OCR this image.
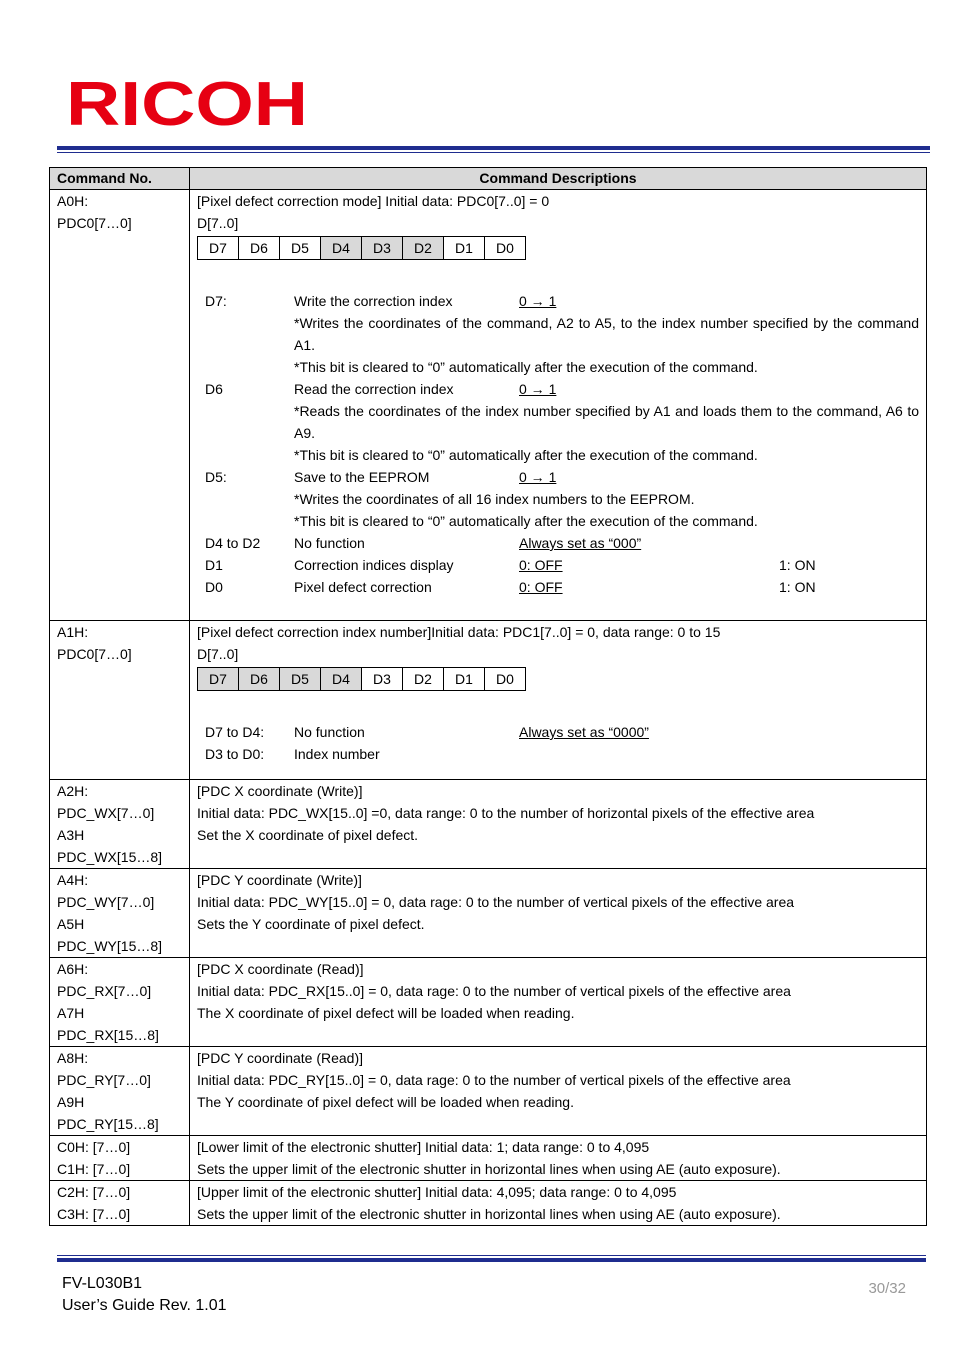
RICOH
Command No.	Command Descriptions

A0H:
PDC0[7…0]

[Pixel defect correction mode] Initial data: PDC0[7..0] = 0
D[7..0]
D7	D6	D5	D4	D3	D2	D1	D0
D7:	Write the correction index	0 → 1
*Writes the coordinates of the command, A2 to A5, to the index number specified by the command A1.
*This bit is cleared to “0” automatically after the execution of the command.
D6	Read the correction index	0 → 1
*Reads the coordinates of the index number specified by A1 and loads them to the command, A6 to A9.
*This bit is cleared to “0” automatically after the execution of the command.
D5:	Save to the EEPROM	0 → 1
*Writes the coordinates of all 16 index numbers to the EEPROM.
*This bit is cleared to “0” automatically after the execution of the command.
D4 to D2 No function	Always set as “000”
D1	Correction indices display	0: OFF	1: ON
D0	Pixel defect correction	0: OFF	1: ON

A1H:
PDC0[7…0]

[Pixel defect correction index number]Initial data: PDC1[7..0] = 0, data range: 0 to 15
D[7..0]
D7	D6	D5	D4	D3	D2	D1	D0
D7 to D4: No function	Always set as “0000”
D3 to D0: Index number

A2H:
PDC_WX[7…0]
A3H
PDC_WX[15…8]

[PDC X coordinate (Write)]
Initial data: PDC_WX[15..0] =0, data range: 0 to the number of horizontal pixels of the effective area
Set the X coordinate of pixel defect.

A4H:
PDC_WY[7…0]
A5H
PDC_WY[15…8]

[PDC Y coordinate (Write)]
Initial data: PDC_WY[15..0] = 0, data rage: 0 to the number of vertical pixels of the effective area
Sets the Y coordinate of pixel defect.

A6H:
PDC_RX[7…0]
A7H
PDC_RX[15…8]

[PDC X coordinate (Read)]
Initial data: PDC_RX[15..0] = 0, data rage: 0 to the number of vertical pixels of the effective area
The X coordinate of pixel defect will be loaded when reading.

A8H:
PDC_RY[7…0]
A9H
PDC_RY[15…8]

[PDC Y coordinate (Read)]
Initial data: PDC_RY[15..0] = 0, data rage: 0 to the number of vertical pixels of the effective area
The Y coordinate of pixel defect will be loaded when reading.

C0H: [7…0]
C1H: [7…0]

[Lower limit of the electronic shutter] Initial data: 1; data range: 0 to 4,095
Sets the upper limit of the electronic shutter in horizontal lines when using AE (auto exposure).

C2H: [7…0]
C3H: [7…0]

[Upper limit of the electronic shutter] Initial data: 4,095; data range: 0 to 4,095
Sets the upper limit of the electronic shutter in horizontal lines when using AE (auto exposure).
FV-L030B1
User’s Guide Rev. 1.01
30/32
